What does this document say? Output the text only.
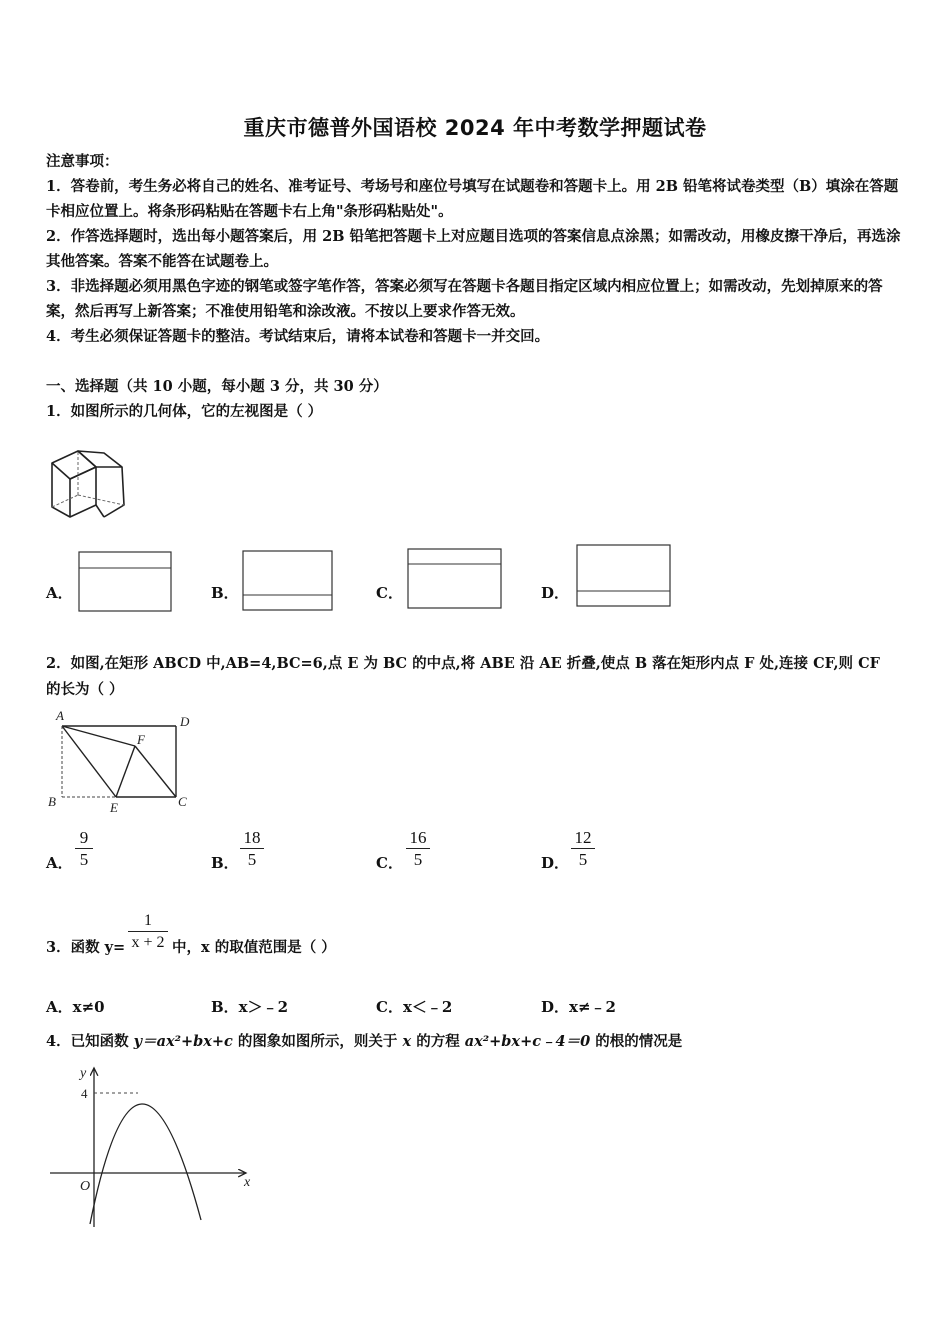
重庆市德普外国语校 2024 年中考数学押题试卷
注意事项：
1．答卷前，考生务必将自己的姓名、准考证号、考场号和座位号填写在试题卷和答题卡上。用 2B 铅笔将试卷类型（B）填涂在答题卡相应位置上。将条形码粘贴在答题卡右上角"条形码粘贴处"。
2．作答选择题时，选出每小题答案后，用 2B 铅笔把答题卡上对应题目选项的答案信息点涂黑；如需改动，用橡皮擦干净后，再选涂其他答案。答案不能答在试题卷上。
3．非选择题必须用黑色字迹的钢笔或签字笔作答，答案必须写在答题卡各题目指定区域内相应位置上；如需改动，先划掉原来的答案，然后再写上新答案；不准使用铅笔和涂改液。不按以上要求作答无效。
4．考生必须保证答题卡的整洁。考试结束后，请将本试卷和答题卡一并交回。
一、选择题（共 10 小题，每小题 3 分，共 30 分）
1．如图所示的几何体，它的左视图是（ ）
A．	B．	C．	D．
2．如图,在矩形 ABCD 中,AB=4,BC=6,点 E 为 BC 的中点,将 ABE 沿 AE 折叠,使点 B 落在矩形内点 F 处,连接 CF,则 CF
的长为（ ）
A	D
B	C
E
F
A． $\frac{9}{5}$	B． $\frac{18}{5}$	C． $\frac{16}{5}$	D． $\frac{12}{5}$
3．函数 $y= \frac{1}{x + 2}$ 中，x 的取值范围是（ ）
A．x≠0	B．x＞﹣2	C．x＜﹣2	D．x≠﹣2
4．已知函数 y＝ax²+bx+c 的图象如图所示，则关于 x 的方程 ax²+bx+c﹣4＝0 的根的情况是
y
x
O
4
